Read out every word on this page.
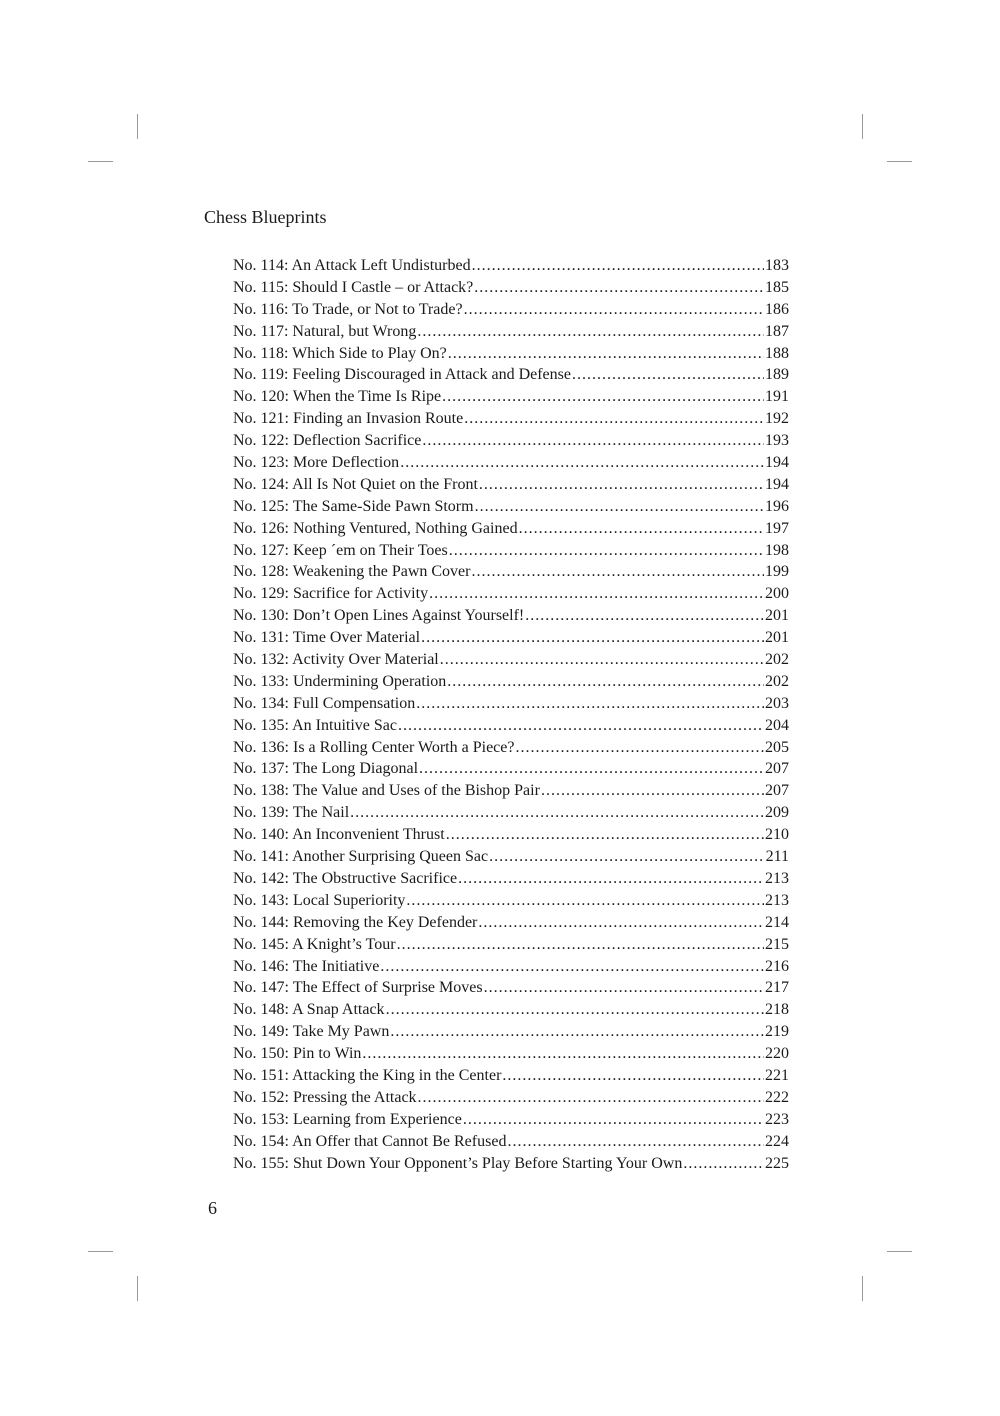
Chess Blueprints
No. 114: An Attack Left Undisturbed .....	183
No. 115: Should I Castle – or Attack? .....	185
No. 116: To Trade, or Not to Trade? .....	186
No. 117: Natural, but Wrong .....	187
No. 118: Which Side to Play On? .....	188
No. 119: Feeling Discouraged in Attack and Defense .....	189
No. 120: When the Time Is Ripe .....	191
No. 121: Finding an Invasion Route .....	192
No. 122: Deflection Sacrifice .....	193
No. 123: More Deflection .....	194
No. 124: All Is Not Quiet on the Front .....	194
No. 125: The Same-Side Pawn Storm .....	196
No. 126: Nothing Ventured, Nothing Gained .....	197
No. 127: Keep ´em on Their Toes .....	198
No. 128: Weakening the Pawn Cover .....	199
No. 129: Sacrifice for Activity .....	200
No. 130: Don’t Open Lines Against Yourself! .....	201
No. 131: Time Over Material .....	201
No. 132: Activity Over Material .....	202
No. 133: Undermining Operation .....	202
No. 134: Full Compensation .....	203
No. 135: An Intuitive Sac .....	204
No. 136: Is a Rolling Center Worth a Piece? .....	205
No. 137: The Long Diagonal .....	207
No. 138: The Value and Uses of the Bishop Pair .....	207
No. 139: The Nail .....	209
No. 140: An Inconvenient Thrust .....	210
No. 141: Another Surprising Queen Sac .....	211
No. 142: The Obstructive Sacrifice .....	213
No. 143: Local Superiority .....	213
No. 144: Removing the Key Defender .....	214
No. 145: A Knight’s Tour .....	215
No. 146: The Initiative .....	216
No. 147: The Effect of Surprise Moves .....	217
No. 148: A Snap Attack .....	218
No. 149: Take My Pawn .....	219
No. 150: Pin to Win .....	220
No. 151: Attacking the King in the Center .....	221
No. 152: Pressing the Attack .....	222
No. 153: Learning from Experience .....	223
No. 154: An Offer that Cannot Be Refused .....	224
No. 155: Shut Down Your Opponent’s Play Before Starting Your Own .....	225

6
